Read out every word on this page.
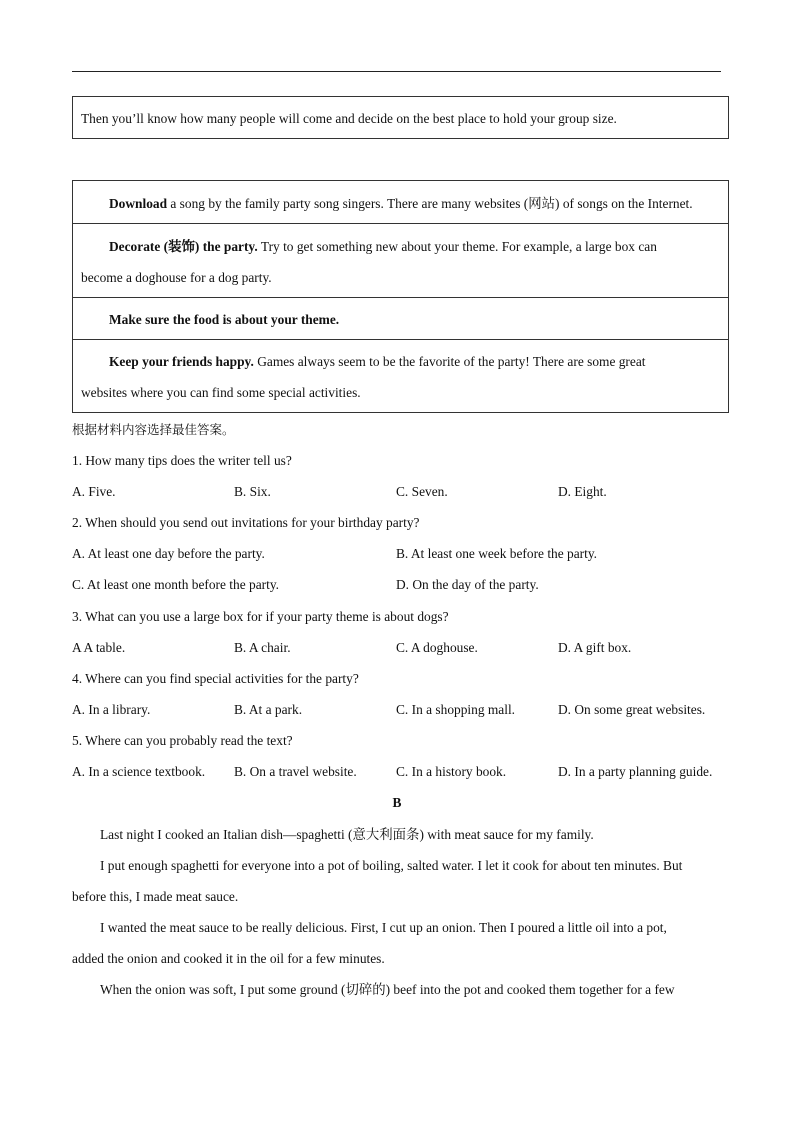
Then you’ll know how many people will come and decide on the best place to hold your group size.
Download a song by the family party song singers. There are many websites (网站) of songs on the Internet.
Decorate (装饰) the party. Try to get something new about your theme. For example, a large box can
become a doghouse for a dog party.
Make sure the food is about your theme.
Keep your friends happy. Games always seem to be the favorite of the party! There are some great
websites where you can find some special activities.
根据材料内容选择最佳答案。
1. How many tips does the writer tell us?
A. Five.	B. Six.	C. Seven.	D. Eight.
2. When should you send out invitations for your birthday party?
A. At least one day before the party.	B. At least one week before the party.
C. At least one month before the party.	D. On the day of the party.
3. What can you use a large box for if your party theme is about dogs?
A A table.	B. A chair.	C. A doghouse.	D. A gift box.
4. Where can you find special activities for the party?
A. In a library.	B. At a park.	C. In a shopping mall.	D. On some great websites.
5. Where can you probably read the text?
A. In a science textbook. B. On a travel website.	C. In a history book.	D. In a party planning guide.
B
Last night I cooked an Italian dish—spaghetti (意大利面条) with meat sauce for my family.
I put enough spaghetti for everyone into a pot of boiling, salted water. I let it cook for about ten minutes. But
before this, I made meat sauce.
I wanted the meat sauce to be really delicious. First, I cut up an onion. Then I poured a little oil into a pot,
added the onion and cooked it in the oil for a few minutes.
When the onion was soft, I put some ground (切碎的) beef into the pot and cooked them together for a few
